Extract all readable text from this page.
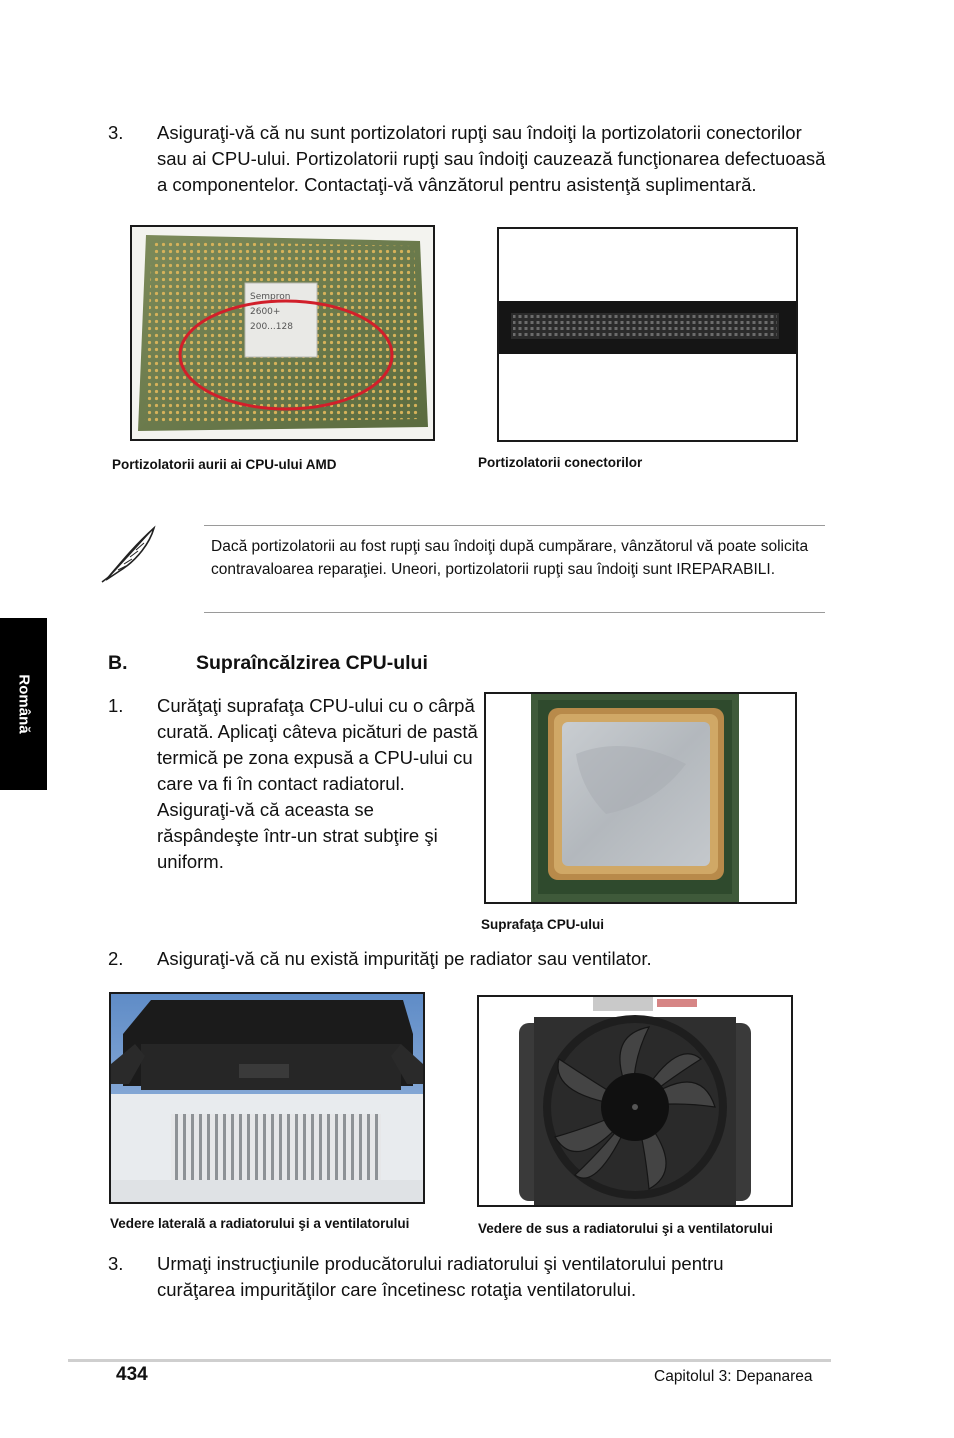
3. Asiguraţi-vă că nu sunt portizolatori rupţi sau îndoiţi la portizolatorii conectorilor sau ai CPU-ului. Portizolatorii rupţi sau îndoiţi cauzează funcţionarea defectuoasă a componentelor. Contactaţi-vă vânzătorul pentru asistenţă suplimentară.
Sempron
2600+
200...128
Portizolatorii aurii ai CPU-ului AMD	Portizolatorii conectorilor
Dacă portizolatorii au fost rupţi sau îndoiţi după cumpărare, vânzătorul vă poate solicita contravaloarea reparaţiei. Uneori, portizolatorii rupţi sau îndoiţi sunt IREPARABILI.
Română
B.	Supraîncălzirea CPU-ului
1. Curăţaţi suprafaţa CPU-ului cu o cârpă curată. Aplicaţi câteva picături de pastă termică pe zona expusă a CPU-ului cu care va fi în contact radiatorul. Asiguraţi-vă că aceasta se răspândeşte într-un strat subţire şi uniform.
Suprafaţa CPU-ului
2. Asiguraţi-vă că nu există impurităţi pe radiator sau ventilator.
Vedere laterală a radiatorului şi a ventilatorului	Vedere de sus a radiatorului şi a ventilatorului
3. Urmaţi instrucţiunile producătorului radiatorului şi ventilatorului pentru curăţarea impurităţilor care încetinesc rotaţia ventilatorului.
434	Capitolul 3: Depanarea
